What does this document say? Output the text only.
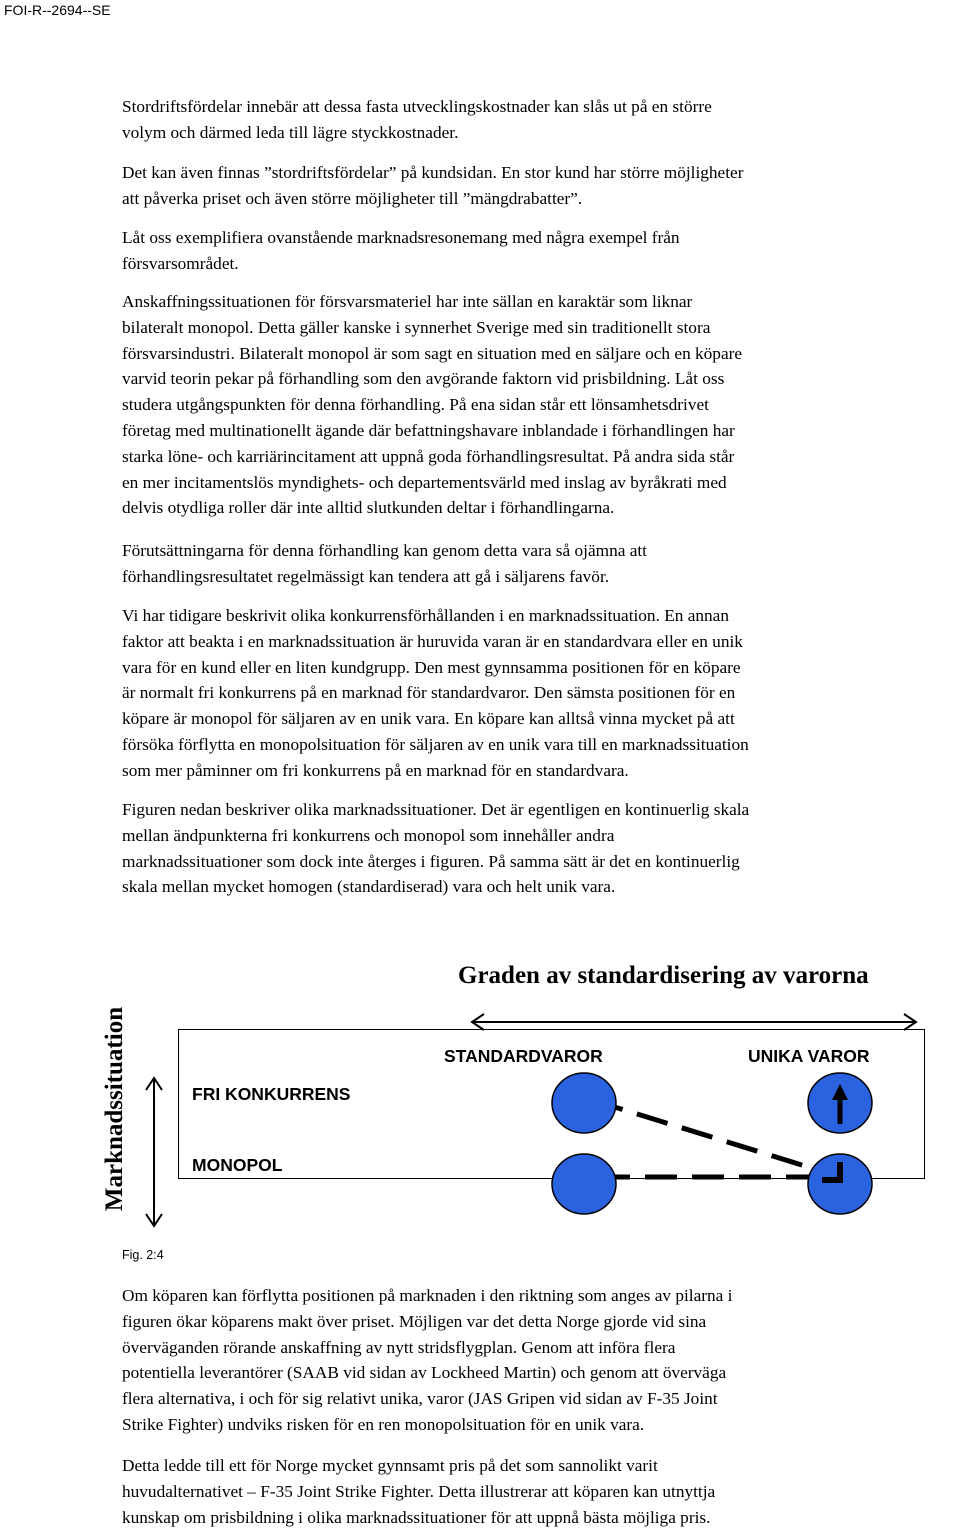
FOI-R--2694--SE

Stordriftsfördelar innebär att dessa fasta utvecklingskostnader kan slås ut på en större

volym och därmed leda till lägre styckkostnader.

Det kan även finnas ”stordriftsfördelar” på kundsidan. En stor kund har större möjligheter

att påverka priset och även större möjligheter till ”mängdrabatter”.

Låt oss exemplifiera ovanstående marknadsresonemang med några exempel från

försvarsområdet.

Anskaffningssituationen för försvarsmateriel har inte sällan en karaktär som liknar

bilateralt monopol. Detta gäller kanske i synnerhet Sverige med sin traditionellt stora

försvarsindustri. Bilateralt monopol är som sagt en situation med en säljare och en köpare

varvid teorin pekar på förhandling som den avgörande faktorn vid prisbildning. Låt oss

studera utgångspunkten för denna förhandling. På ena sidan står ett lönsamhetsdrivet

företag med multinationellt ägande där befattningshavare inblandade i förhandlingen har

starka löne- och karriärincitament att uppnå goda förhandlingsresultat. På andra sida står

en mer incitamentslös myndighets- och departementsvärld med inslag av byråkrati med

delvis otydliga roller där inte alltid slutkunden deltar i förhandlingarna.

Förutsättningarna för denna förhandling kan genom detta vara så ojämna att

förhandlingsresultatet regelmässigt kan tendera att gå i säljarens favör.

Vi har tidigare beskrivit olika konkurrensförhållanden i en marknadssituation. En annan

faktor att beakta i en marknadssituation är huruvida varan är en standardvara eller en unik

vara för en kund eller en liten kundgrupp. Den mest gynnsamma positionen för en köpare

är normalt fri konkurrens på en marknad för standardvaror. Den sämsta positionen för en

köpare är monopol för säljaren av en unik vara. En köpare kan alltså vinna mycket på att

försöka förflytta en monopolsituation för säljaren av en unik vara till en marknadssituation

som mer påminner om fri konkurrens på en marknad för en standardvara.

Figuren nedan beskriver olika marknadssituationer. Det är egentligen en kontinuerlig skala

mellan ändpunkterna fri konkurrens och monopol som innehåller andra

marknadssituationer som dock inte återges i figuren. På samma sätt är det en kontinuerlig

skala mellan mycket homogen (standardiserad) vara och helt unik vara.

Om köparen kan förflytta positionen på marknaden i den riktning som anges av pilarna i

figuren ökar köparens makt över priset. Möjligen var det detta Norge gjorde vid sina

överväganden rörande anskaffning av nytt stridsflygplan. Genom att införa flera

potentiella leverantörer (SAAB vid sidan av Lockheed Martin) och genom att överväga

flera alternativa, i och för sig relativt unika, varor (JAS Gripen vid sidan av F-35 Joint

Strike Fighter) undviks risken för en ren monopolsituation för en unik vara.

Detta ledde till ett för Norge mycket gynnsamt pris på det som sannolikt varit

huvudalternativet – F-35 Joint Strike Fighter. Detta illustrerar att köparen kan utnyttja

kunskap om prisbildning i olika marknadssituationer för att uppnå bästa möjliga pris.

Graden av standardisering av varorna
Marknadssituation	STANDARDVAROR	UNIKA VAROR
FRI KONKURRENS
MONOPOL
Fig. 2:4
